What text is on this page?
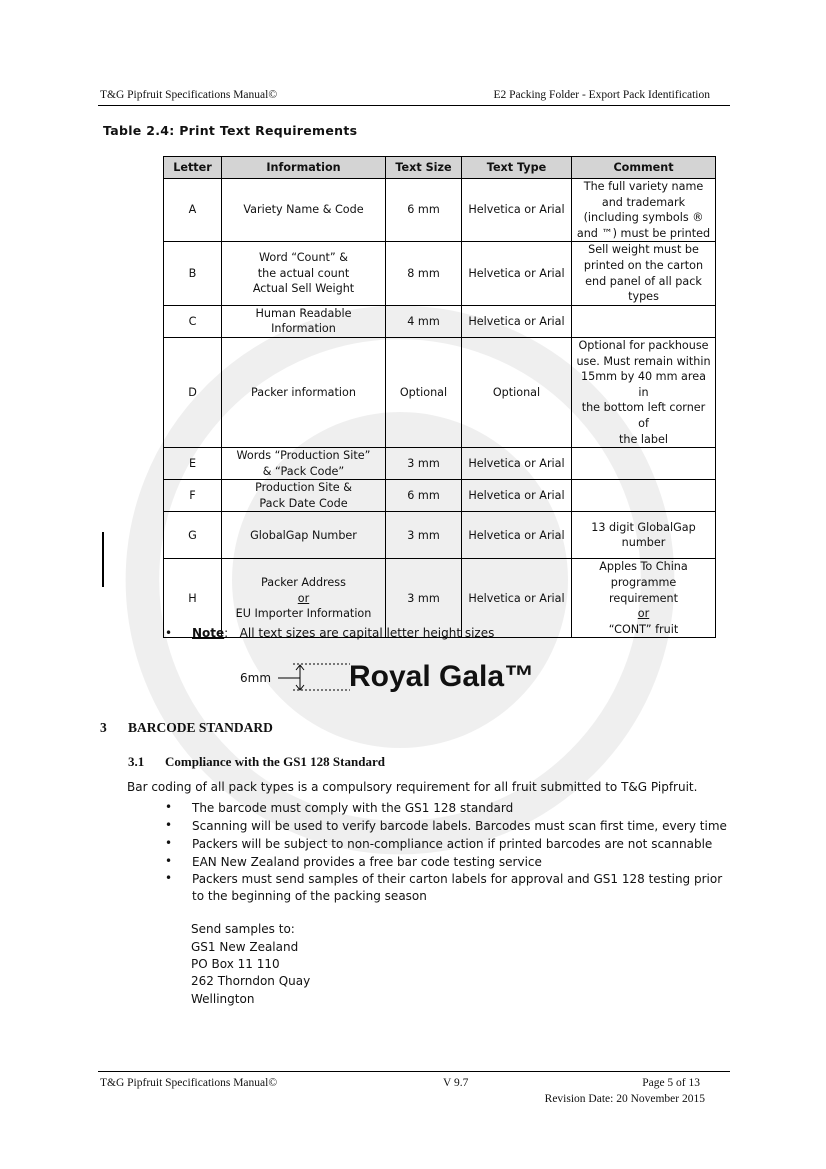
T&G Pipfruit Specifications Manual©	E2 Packing Folder - Export Pack Identification
Table 2.4: Print Text Requirements
Letter	Information	Text Size	Text Type	Comment
A	Variety Name & Code	6 mm	Helvetica or Arial	The full variety name
and trademark
(including symbols ®
and ™) must be printed
B	Word “Count” &
the actual count
Actual Sell Weight	8 mm	Helvetica or Arial	Sell weight must be
printed on the carton
end panel of all pack
types
C	Human Readable
Information	4 mm	Helvetica or Arial	
D	Packer information	Optional	Optional	Optional for packhouse
use. Must remain within
15mm by 40 mm area in
the bottom left corner of
the label
E	Words “Production Site”
& “Pack Code”	3 mm	Helvetica or Arial	
F	Production Site &
Pack Date Code	6 mm	Helvetica or Arial	
G	GlobalGap Number	3 mm	Helvetica or Arial	13 digit GlobalGap
number
H	Packer Address
or
EU Importer Information	3 mm	Helvetica or Arial	Apples To China
programme requirement
or
“CONT” fruit
• Note:   All text sizes are capital letter height sizes
6mm	Royal Gala™
3 BARCODE STANDARD
3.1 Compliance with the GS1 128 Standard
Bar coding of all pack types is a compulsory requirement for all fruit submitted to T&G Pipfruit.
• The barcode must comply with the GS1 128 standard
• Scanning will be used to verify barcode labels. Barcodes must scan first time, every time
• Packers will be subject to non-compliance action if printed barcodes are not scannable
• EAN New Zealand provides a free bar code testing service
• Packers must send samples of their carton labels for approval and GS1 128 testing prior to the beginning of the packing season
Send samples to:
GS1 New Zealand
PO Box 11 110
262 Thorndon Quay
Wellington
T&G Pipfruit Specifications Manual©	V 9.7	Page 5 of 13
Revision Date: 20 November 2015
